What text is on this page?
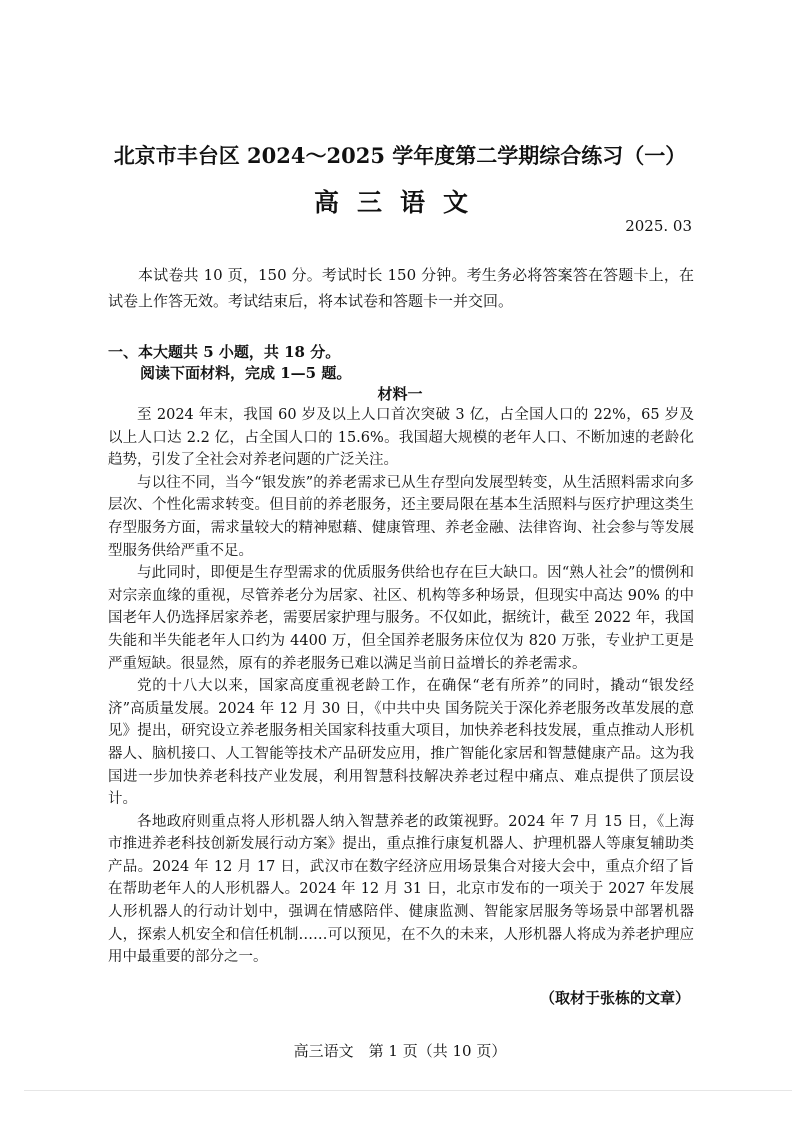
北京市丰台区 2024～2025 学年度第二学期综合练习（一）
高三语文
2025. 03
本试卷共 10 页，150 分。考试时长 150 分钟。考生务必将答案答在答题卡上，在试卷上作答无效。考试结束后，将本试卷和答题卡一并交回。
一、本大题共 5 小题，共 18 分。
阅读下面材料，完成 1—5 题。
材料一

至 2024 年末，我国 60 岁及以上人口首次突破 3 亿，占全国人口的 22%，65 岁及以上人口达 2.2 亿，占全国人口的 15.6%。我国超大规模的老年人口、不断加速的老龄化趋势，引发了全社会对养老问题的广泛关注。

与以往不同，当今“银发族”的养老需求已从生存型向发展型转变，从生活照料需求向多层次、个性化需求转变。但目前的养老服务，还主要局限在基本生活照料与医疗护理这类生存型服务方面，需求量较大的精神慰藉、健康管理、养老金融、法律咨询、社会参与等发展型服务供给严重不足。

与此同时，即便是生存型需求的优质服务供给也存在巨大缺口。因“熟人社会”的惯例和对宗亲血缘的重视，尽管养老分为居家、社区、机构等多种场景，但现实中高达 90% 的中国老年人仍选择居家养老，需要居家护理与服务。不仅如此，据统计，截至 2022 年，我国失能和半失能老年人口约为 4400 万，但全国养老服务床位仅为 820 万张，专业护工更是严重短缺。很显然，原有的养老服务已难以满足当前日益增长的养老需求。

党的十八大以来，国家高度重视老龄工作，在确保“老有所养”的同时，撬动“银发经济”高质量发展。2024 年 12 月 30 日，《中共中央 国务院关于深化养老服务改革发展的意见》提出，研究设立养老服务相关国家科技重大项目，加快养老科技发展，重点推动人形机器人、脑机接口、人工智能等技术产品研发应用，推广智能化家居和智慧健康产品。这为我国进一步加快养老科技产业发展，利用智慧科技解决养老过程中痛点、难点提供了顶层设计。

各地政府则重点将人形机器人纳入智慧养老的政策视野。2024 年 7 月 15 日，《上海市推进养老科技创新发展行动方案》提出，重点推行康复机器人、护理机器人等康复辅助类产品。2024 年 12 月 17 日，武汉市在数字经济应用场景集合对接大会中，重点介绍了旨在帮助老年人的人形机器人。2024 年 12 月 31 日，北京市发布的一项关于 2027 年发展人形机器人的行动计划中，强调在情感陪伴、健康监测、智能家居服务等场景中部署机器人，探索人机安全和信任机制……可以预见，在不久的未来，人形机器人将成为养老护理应用中最重要的部分之一。

（取材于张栋的文章）
高三语文　第 1 页（共 10 页）
